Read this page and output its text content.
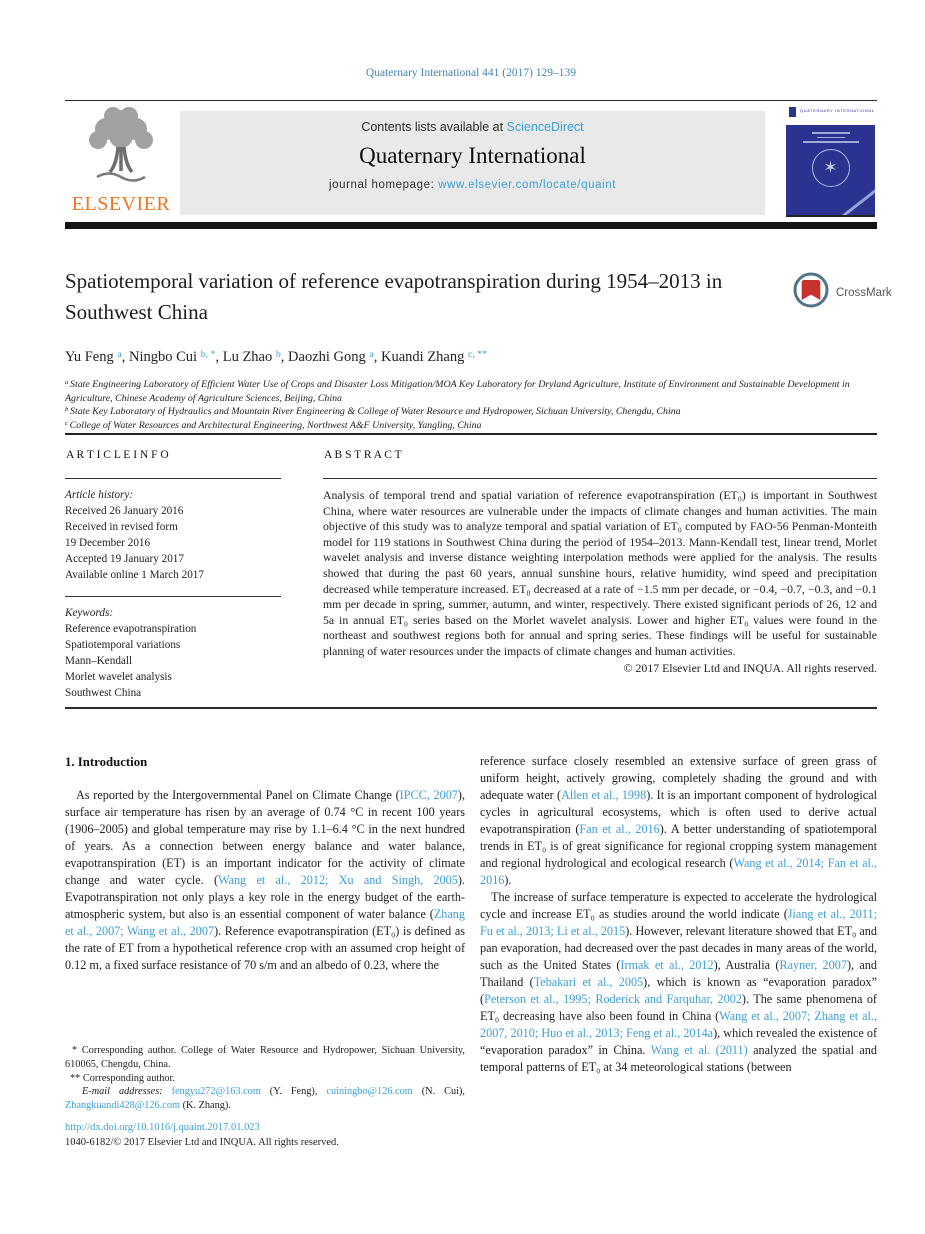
Quaternary International 441 (2017) 129–139
ELSEVIER
Contents lists available at ScienceDirect
Quaternary International
journal homepage: www.elsevier.com/locate/quaint
QUATERNARY INTERNATIONAL
✶
Spatiotemporal variation of reference evapotranspiration during 1954–2013 in Southwest China
CrossMark
Yu Feng $^a$, Ningbo Cui $^{b, *}$, Lu Zhao $^b$, Daozhi Gong $^a$, Kuandi Zhang $^{c, **}$

$^a$ State Engineering Laboratory of Efficient Water Use of Crops and Disaster Loss Mitigation/MOA Key Laboratory for Dryland Agriculture, Institute of Environment and Sustainable Development in Agriculture, Chinese Academy of Agriculture Sciences, Beijing, China

$^b$ State Key Laboratory of Hydraulics and Mountain River Engineering & College of Water Resource and Hydropower, Sichuan University, Chengdu, China

$^c$ College of Water Resources and Architectural Engineering, Northwest A&F University, Yangling, China

A R T I C L E I N F O	A B S T R A C T
Article history:
Received 26 January 2016
Received in revised form
19 December 2016
Accepted 19 January 2017
Available online 1 March 2017
Keywords:
Reference evapotranspiration
Spatiotemporal variations
Mann–Kendall
Morlet wavelet analysis
Southwest China
Analysis of temporal trend and spatial variation of reference evapotranspiration (ET₀) is important in Southwest China, where water resources are vulnerable under the impacts of climate changes and human activities. The main objective of this study was to analyze temporal and spatial variation of ET₀ computed by FAO-56 Penman-Monteith model for 119 stations in Southwest China during the period of 1954–2013. Mann-Kendall test, linear trend, Morlet wavelet analysis and inverse distance weighting interpolation methods were applied for the analysis. The results showed that during the past 60 years, annual sunshine hours, relative humidity, wind speed and precipitation decreased while temperature increased. ET₀ decreased at a rate of −1.5 mm per decade, or −0.4, −0.7, −0.3, and −0.1 mm per decade in spring, summer, autumn, and winter, respectively. There existed significant periods of 26, 12 and 5a in annual ET₀ series based on the Morlet wavelet analysis. Lower and higher ET₀ values were found in the northeast and southwest regions both for annual and spring series. These findings will be useful for sustainable planning of water resources under the impacts of climate changes and human activities.
© 2017 Elsevier Ltd and INQUA. All rights reserved.
1. Introduction

As reported by the Intergovernmental Panel on Climate Change (IPCC, 2007), surface air temperature has risen by an average of 0.74 °C in recent 100 years (1906–2005) and global temperature may rise by 1.1–6.4 °C in the next hundred of years. As a connection between energy balance and water balance, evapotranspiration (ET) is an important indicator for the activity of climate change and water cycle. (Wang et al., 2012; Xu and Singh, 2005). Evapotranspiration not only plays a key role in the energy budget of the earth-atmospheric system, but also is an essential component of water balance (Zhang et al., 2007; Wang et al., 2007). Reference evapotranspiration (ET₀) is defined as the rate of ET from a hypothetical reference crop with an assumed crop height of 0.12 m, a fixed surface resistance of 70 s/m and an albedo of 0.23, where the

reference surface closely resembled an extensive surface of green grass of uniform height, actively growing, completely shading the ground and with adequate water (Allen et al., 1998). It is an important component of hydrological cycles in agricultural ecosystems, which is often used to derive actual evapotranspiration (Fan et al., 2016). A better understanding of spatiotemporal trends in ET₀ is of great significance for regional cropping system management and regional hydrological and ecological research (Wang et al., 2014; Fan et al., 2016).

The increase of surface temperature is expected to accelerate the hydrological cycle and increase ET₀ as studies around the world indicate (Jiang et al., 2011; Fu et al., 2013; Li et al., 2015). However, relevant literature showed that ET₀ and pan evaporation, had decreased over the past decades in many areas of the world, such as the United States (Irmak et al., 2012), Australia (Rayner, 2007), and Thailand (Tebakari et al., 2005), which is known as “evaporation paradox” (Peterson et al., 1995; Roderick and Farquhar, 2002). The same phenomena of ET₀ decreasing have also been found in China (Wang et al., 2007; Zhang et al., 2007, 2010; Huo et al., 2013; Feng et al., 2014a), which revealed the existence of “evaporation paradox” in China. Wang et al. (2011) analyzed the spatial and temporal patterns of ET₀ at 34 meteorological stations (between

* Corresponding author. College of Water Resource and Hydropower, Sichuan University, 610065, Chengdu, China.
** Corresponding author.
E-mail addresses: fengyu272@163.com (Y. Feng), cuiningbo@126.com (N. Cui), Zhangkuandi428@126.com (K. Zhang).
http://dx.doi.org/10.1016/j.quaint.2017.01.023
1040-6182/© 2017 Elsevier Ltd and INQUA. All rights reserved.
